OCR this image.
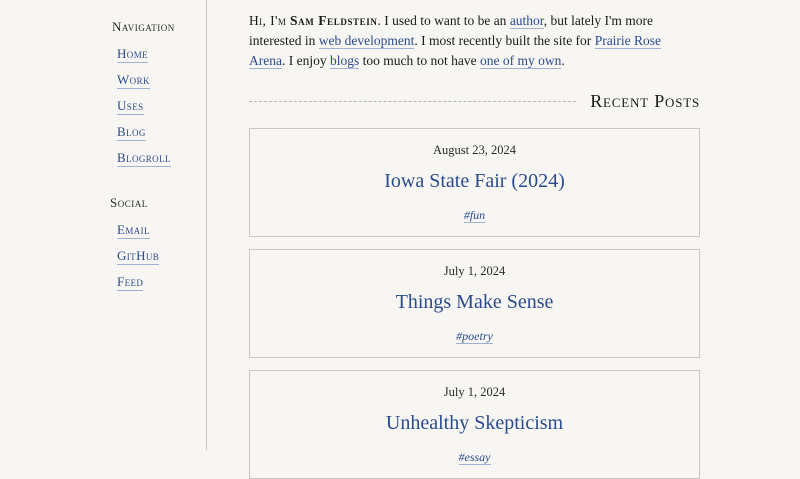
Navigation
Home
Work
Uses
Blog
Blogroll
Social
Email
GitHub
Feed

Hi, I'm Sam Feldstein. I used to want to be an author, but lately I'm more interested in web development. I most recently built the site for Prairie Rose Arena. I enjoy blogs too much to not have one of my own.

Recent Posts
August 23, 2024
Iowa State Fair (2024)
#fun
July 1, 2024
Things Make Sense
#poetry
July 1, 2024
Unhealthy Skepticism
#essay
